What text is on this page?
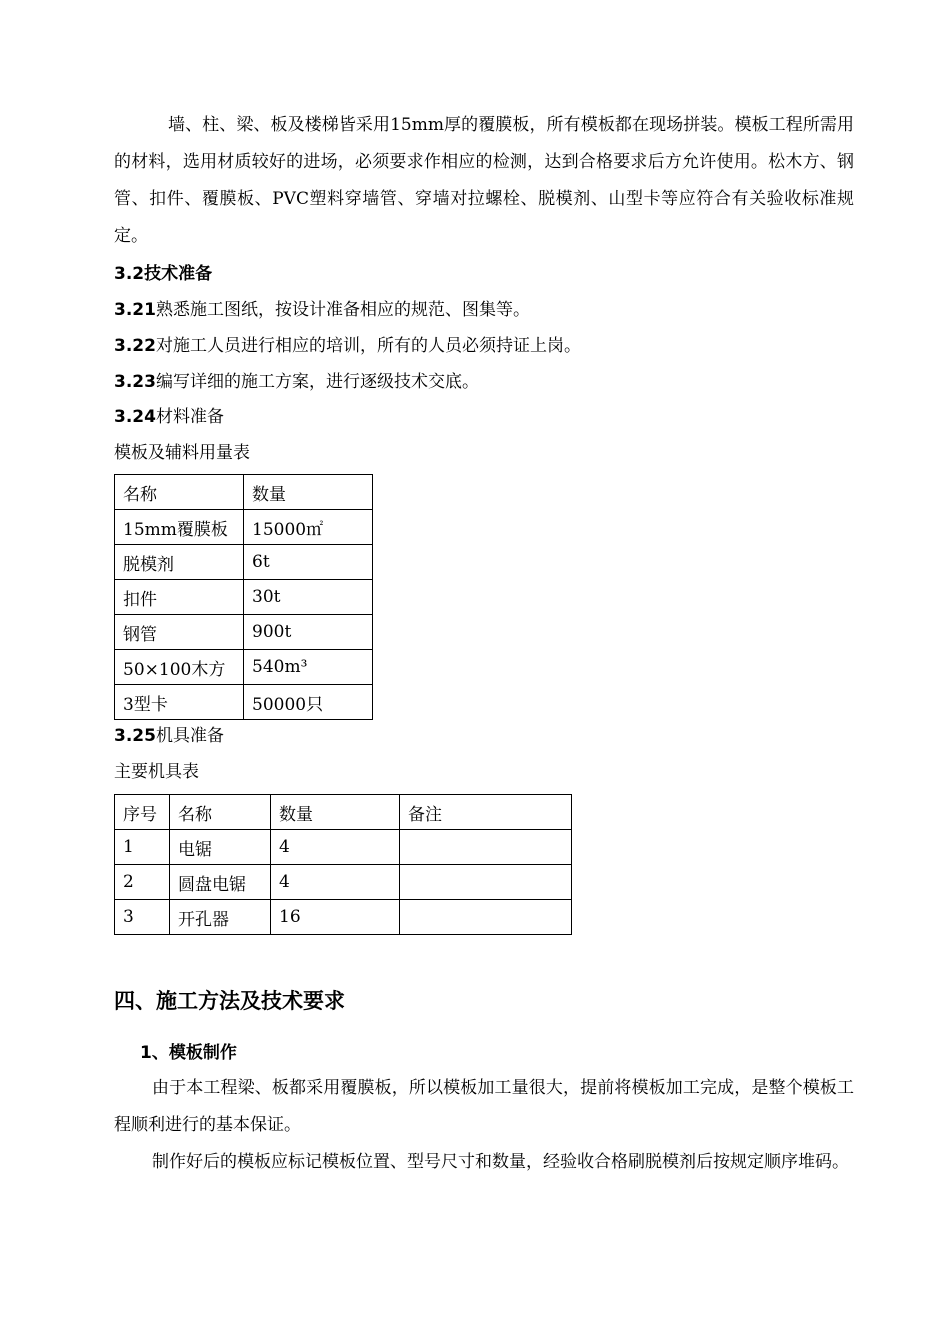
墙、柱、梁、板及楼梯皆采用15mm厚的覆膜板，所有模板都在现场拼装。模板工程所需用的材料，选用材质较好的进场，必须要求作相应的检测，达到合格要求后方允许使用。松木方、钢管、扣件、覆膜板、PVC塑料穿墙管、穿墙对拉螺栓、脱模剂、山型卡等应符合有关验收标准规定。

3.2技术准备

3.21熟悉施工图纸，按设计准备相应的规范、图集等。

3.22对施工人员进行相应的培训，所有的人员必须持证上岗。

3.23编写详细的施工方案，进行逐级技术交底。

3.24材料准备

模板及辅料用量表

名称	数量
15mm覆膜板	15000㎡
脱模剂	6t
扣件	30t
钢管	900t
50×100木方	540m³
3型卡	50000只

3.25机具准备

主要机具表

序号	名称	数量	备注
1	电锯	4	
2	圆盘电锯	4	
3	开孔器	16	
四、施工方法及技术要求
1、模板制作

由于本工程梁、板都采用覆膜板，所以模板加工量很大，提前将模板加工完成，是整个模板工程顺利进行的基本保证。

制作好后的模板应标记模板位置、型号尺寸和数量，经验收合格刷脱模剂后按规定顺序堆码。
